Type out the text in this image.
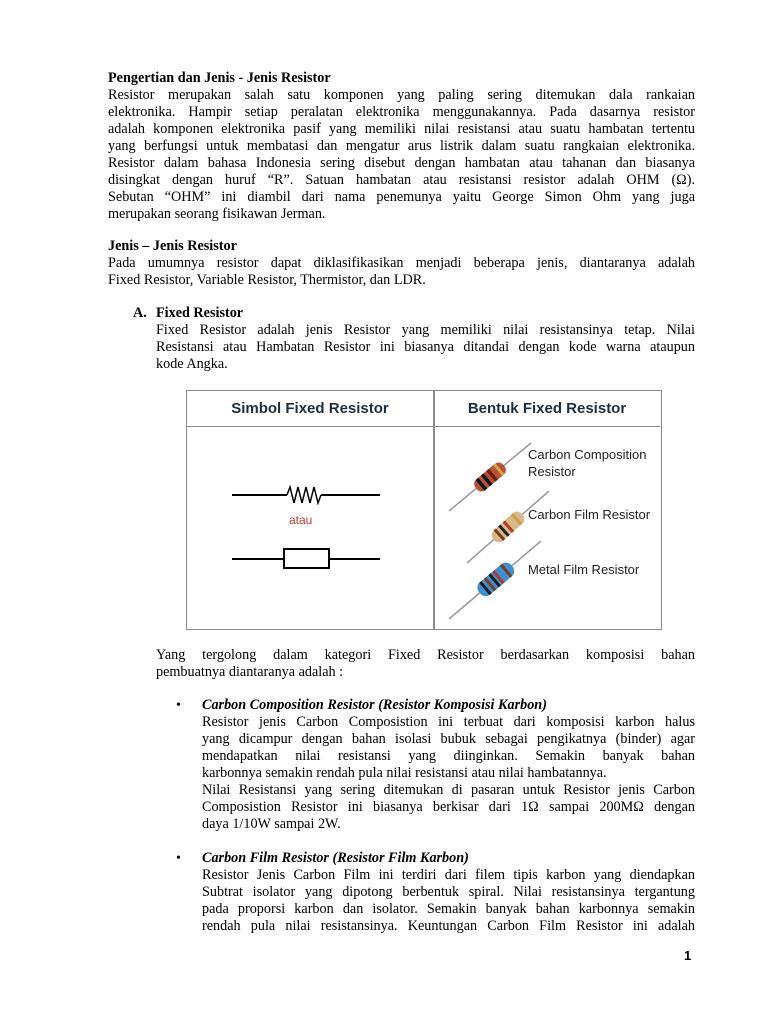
Pengertian dan Jenis - Jenis Resistor
Resistor merupakan salah satu komponen yang paling sering ditemukan dala rankaian
elektronika. Hampir setiap peralatan elektronika menggunakannya. Pada dasarnya resistor
adalah komponen elektronika pasif yang memiliki nilai resistansi atau suatu hambatan tertentu
yang berfungsi untuk membatasi dan mengatur arus listrik dalam suatu rangkaian elektronika.
Resistor dalam bahasa Indonesia sering disebut dengan hambatan atau tahanan dan biasanya
disingkat dengan huruf “R”. Satuan hambatan atau resistansi resistor adalah OHM (Ω).
Sebutan “OHM” ini diambil dari nama penemunya yaitu George Simon Ohm yang juga
merupakan seorang fisikawan Jerman.
Jenis – Jenis Resistor
Pada umumnya resistor dapat diklasifikasikan menjadi beberapa jenis, diantaranya adalah
Fixed Resistor, Variable Resistor, Thermistor, dan LDR.
A. Fixed Resistor
Fixed Resistor adalah jenis Resistor yang memiliki nilai resistansinya tetap. Nilai
Resistansi atau Hambatan Resistor ini biasanya ditandai dengan kode warna ataupun
kode Angka.
Simbol Fixed Resistor	Bentuk Fixed Resistor
atau
Carbon Composition
Resistor
Carbon Film Resistor
Metal Film Resistor
Yang tergolong dalam kategori Fixed Resistor berdasarkan komposisi bahan
pembuatnya diantaranya adalah :
• Carbon Composition Resistor (Resistor Komposisi Karbon)
Resistor jenis Carbon Composistion ini terbuat dari komposisi karbon halus
yang dicampur dengan bahan isolasi bubuk sebagai pengikatnya (binder) agar
mendapatkan nilai resistansi yang diinginkan. Semakin banyak bahan
karbonnya semakin rendah pula nilai resistansi atau nilai hambatannya.
Nilai Resistansi yang sering ditemukan di pasaran untuk Resistor jenis Carbon
Composistion Resistor ini biasanya berkisar dari 1Ω sampai 200MΩ dengan
daya 1/10W sampai 2W.
• Carbon Film Resistor (Resistor Film Karbon)
Resistor Jenis Carbon Film ini terdiri dari filem tipis karbon yang diendapkan
Subtrat isolator yang dipotong berbentuk spiral. Nilai resistansinya tergantung
pada proporsi karbon dan isolator. Semakin banyak bahan karbonnya semakin
rendah pula nilai resistansinya. Keuntungan Carbon Film Resistor ini adalah
1
